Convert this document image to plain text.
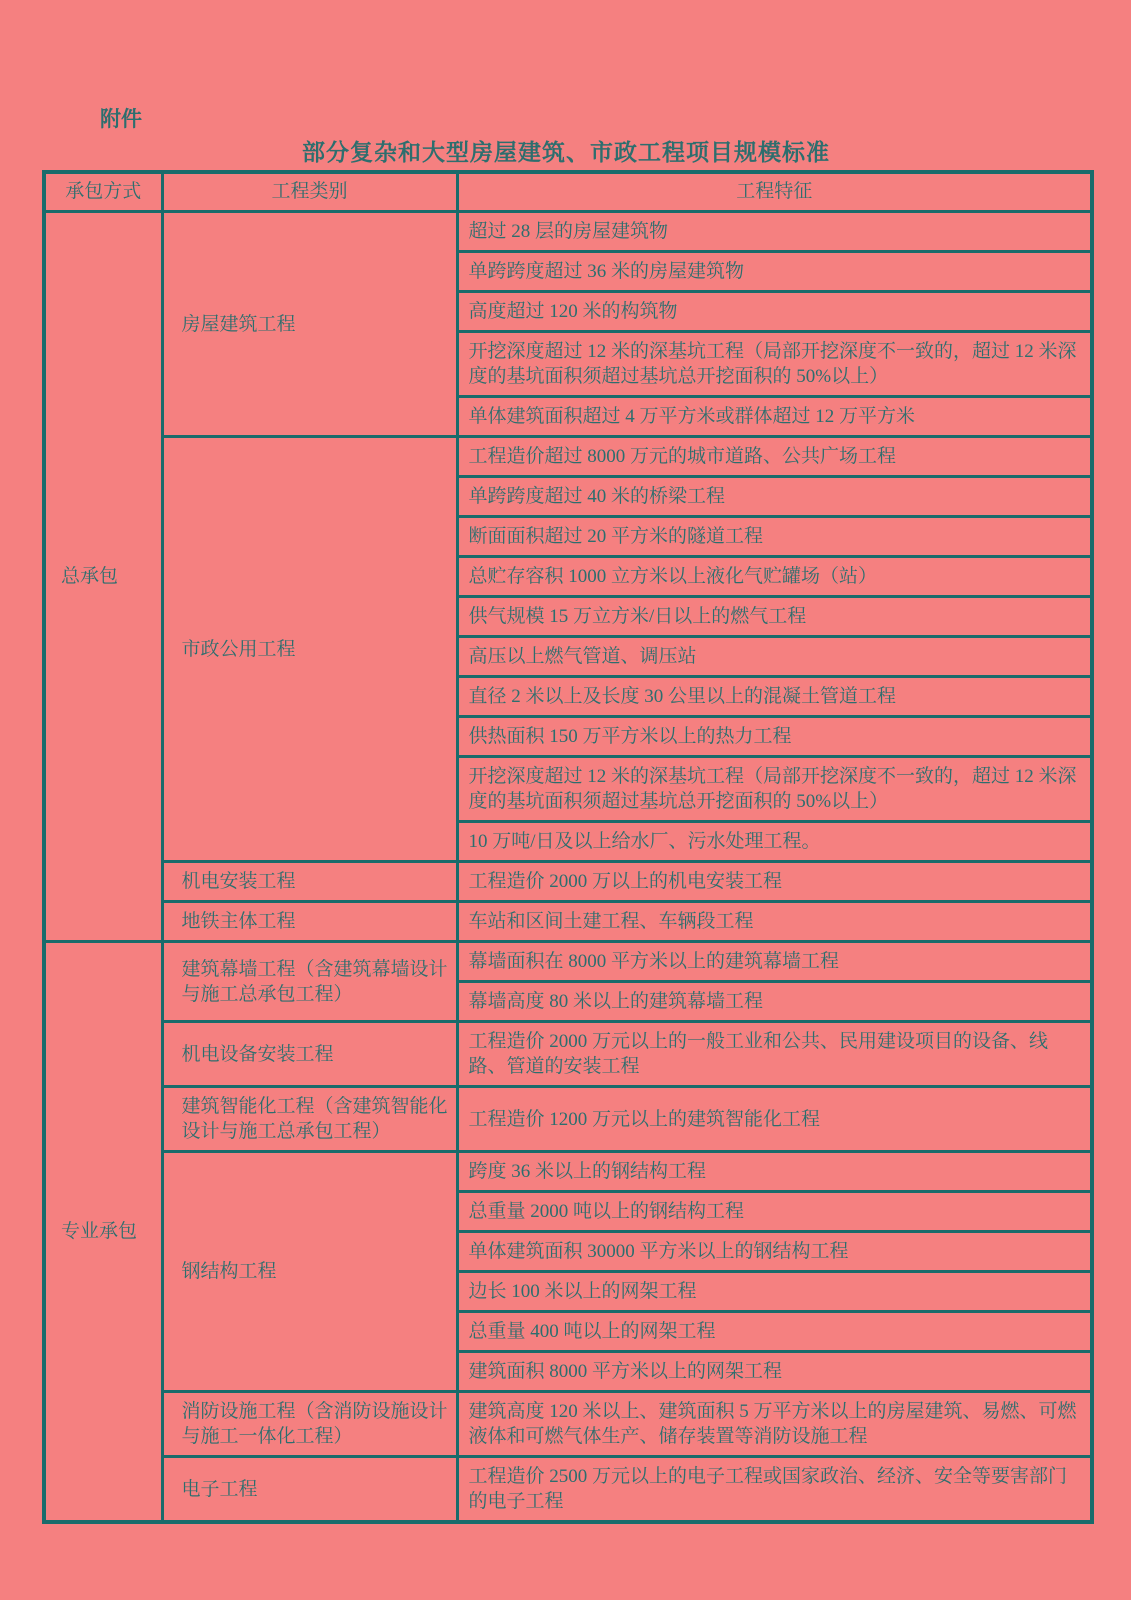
附件
部分复杂和大型房屋建筑、市政工程项目规模标准
承包方式	工程类别	工程特征
总承包	房屋建筑工程	超过 28 层的房屋建筑物
		单跨跨度超过 36 米的房屋建筑物
		高度超过 120 米的构筑物
		开挖深度超过 12 米的深基坑工程（局部开挖深度不一致的，超过 12 米深度的基坑面积须超过基坑总开挖面积的 50%以上）
		单体建筑面积超过 4 万平方米或群体超过 12 万平方米
	市政公用工程	工程造价超过 8000 万元的城市道路、公共广场工程
		单跨跨度超过 40 米的桥梁工程
		断面面积超过 20 平方米的隧道工程
		总贮存容积 1000 立方米以上液化气贮罐场（站）
		供气规模 15 万立方米/日以上的燃气工程
		高压以上燃气管道、调压站
		直径 2 米以上及长度 30 公里以上的混凝土管道工程
		供热面积 150 万平方米以上的热力工程
		开挖深度超过 12 米的深基坑工程（局部开挖深度不一致的，超过 12 米深度的基坑面积须超过基坑总开挖面积的 50%以上）
		10 万吨/日及以上给水厂、污水处理工程。
	机电安装工程	工程造价 2000 万以上的机电安装工程
	地铁主体工程	车站和区间土建工程、车辆段工程
专业承包	建筑幕墙工程（含建筑幕墙设计与施工总承包工程）	幕墙面积在 8000 平方米以上的建筑幕墙工程
		幕墙高度 80 米以上的建筑幕墙工程
	机电设备安装工程	工程造价 2000 万元以上的一般工业和公共、民用建设项目的设备、线路、管道的安装工程
	建筑智能化工程（含建筑智能化设计与施工总承包工程）	工程造价 1200 万元以上的建筑智能化工程
	钢结构工程	跨度 36 米以上的钢结构工程
		总重量 2000 吨以上的钢结构工程
		单体建筑面积 30000 平方米以上的钢结构工程
		边长 100 米以上的网架工程
		总重量 400 吨以上的网架工程
		建筑面积 8000 平方米以上的网架工程
	消防设施工程（含消防设施设计与施工一体化工程）	建筑高度 120 米以上、建筑面积 5 万平方米以上的房屋建筑、易燃、可燃液体和可燃气体生产、储存装置等消防设施工程
	电子工程	工程造价 2500 万元以上的电子工程或国家政治、经济、安全等要害部门的电子工程
